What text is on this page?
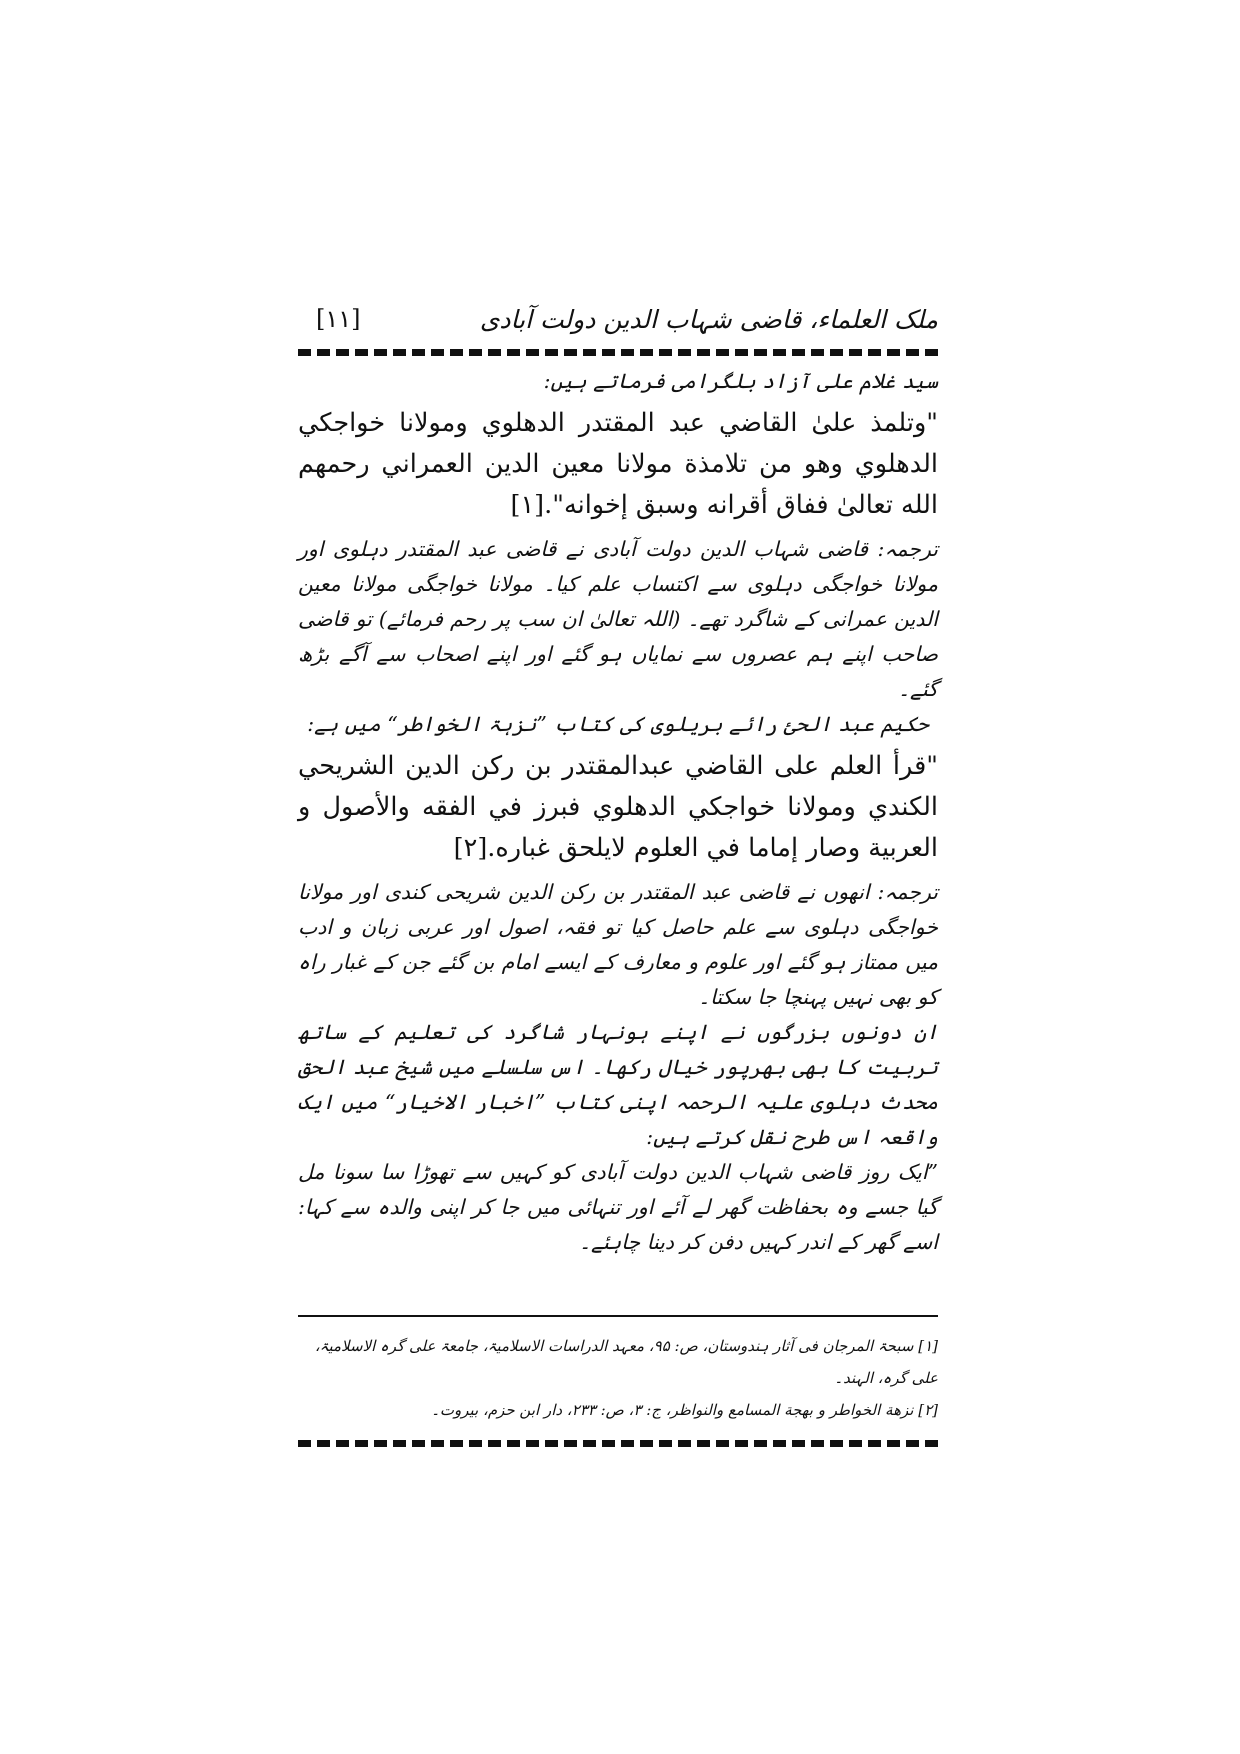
ملک العلماء، قاضی شہاب الدین دولت آبادی
[۱۱]

سید غلام علی آزاد بلگرامی فرماتے ہیں:

"وتلمذ علىٰ القاضي عبد المقتدر الدهلوي ومولانا خواجكي الدهلوي وهو من تلامذة مولانا معين الدين العمراني رحمهم الله تعالىٰ ففاق أقرانه وسبق إخوانه".[۱]

ترجمہ: قاضی شہاب الدین دولت آبادی نے قاضی عبد المقتدر دہلوی اور مولانا خواجگی دہلوی سے اکتساب علم کیا۔ مولانا خواجگی مولانا معین الدین عمرانی کے شاگرد تھے۔ (اللہ تعالیٰ ان سب پر رحم فرمائے) تو قاضی صاحب اپنے ہم عصروں سے نمایاں ہو گئے اور اپنے اصحاب سے آگے بڑھ گئے۔

حکیم عبد الحیٔ رائے بریلوی کی کتاب ”نزہۃ الخواطر“ میں ہے:

"قرأ العلم على القاضي عبدالمقتدر بن ركن الدين الشريحي الكندي ومولانا خواجكي الدهلوي فبرز في الفقه والأصول و العربية وصار إماما في العلوم لايلحق غباره.[۲]

ترجمہ: انھوں نے قاضی عبد المقتدر بن رکن الدین شریحی کندی اور مولانا خواجگی دہلوی سے علم حاصل کیا تو فقہ، اصول اور عربی زبان و ادب میں ممتاز ہو گئے اور علوم و معارف کے ایسے امام بن گئے جن کے غبار راہ کو بھی نہیں پہنچا جا سکتا۔

ان دونوں بزرگوں نے اپنے ہونہار شاگرد کی تعلیم کے ساتھ تربیت کا بھی بھرپور خیال رکھا۔ اس سلسلے میں شیخ عبد الحق محدث دہلوی علیہ الرحمہ اپنی کتاب ”اخبار الاخیار“ میں ایک واقعہ اس طرح نقل کرتے ہیں:

”ایک روز قاضی شہاب الدین دولت آبادی کو کہیں سے تھوڑا سا سونا مل گیا جسے وہ بحفاظت گھر لے آئے اور تنہائی میں جا کر اپنی والدہ سے کہا: اسے گھر کے اندر کہیں دفن کر دینا چاہئے۔

[۱] سبحۃ المرجان فی آثار ہندوستان، ص: ۹۵، معہد الدراسات الاسلامیۃ، جامعۃ علی گرہ الاسلامیۃ، علی گرہ، الہند۔

[۲] نزهة الخواطر و بهجة المسامع والنواظر، ج: ۳، ص: ۲۳۳، دار ابن حزم، بیروت۔
